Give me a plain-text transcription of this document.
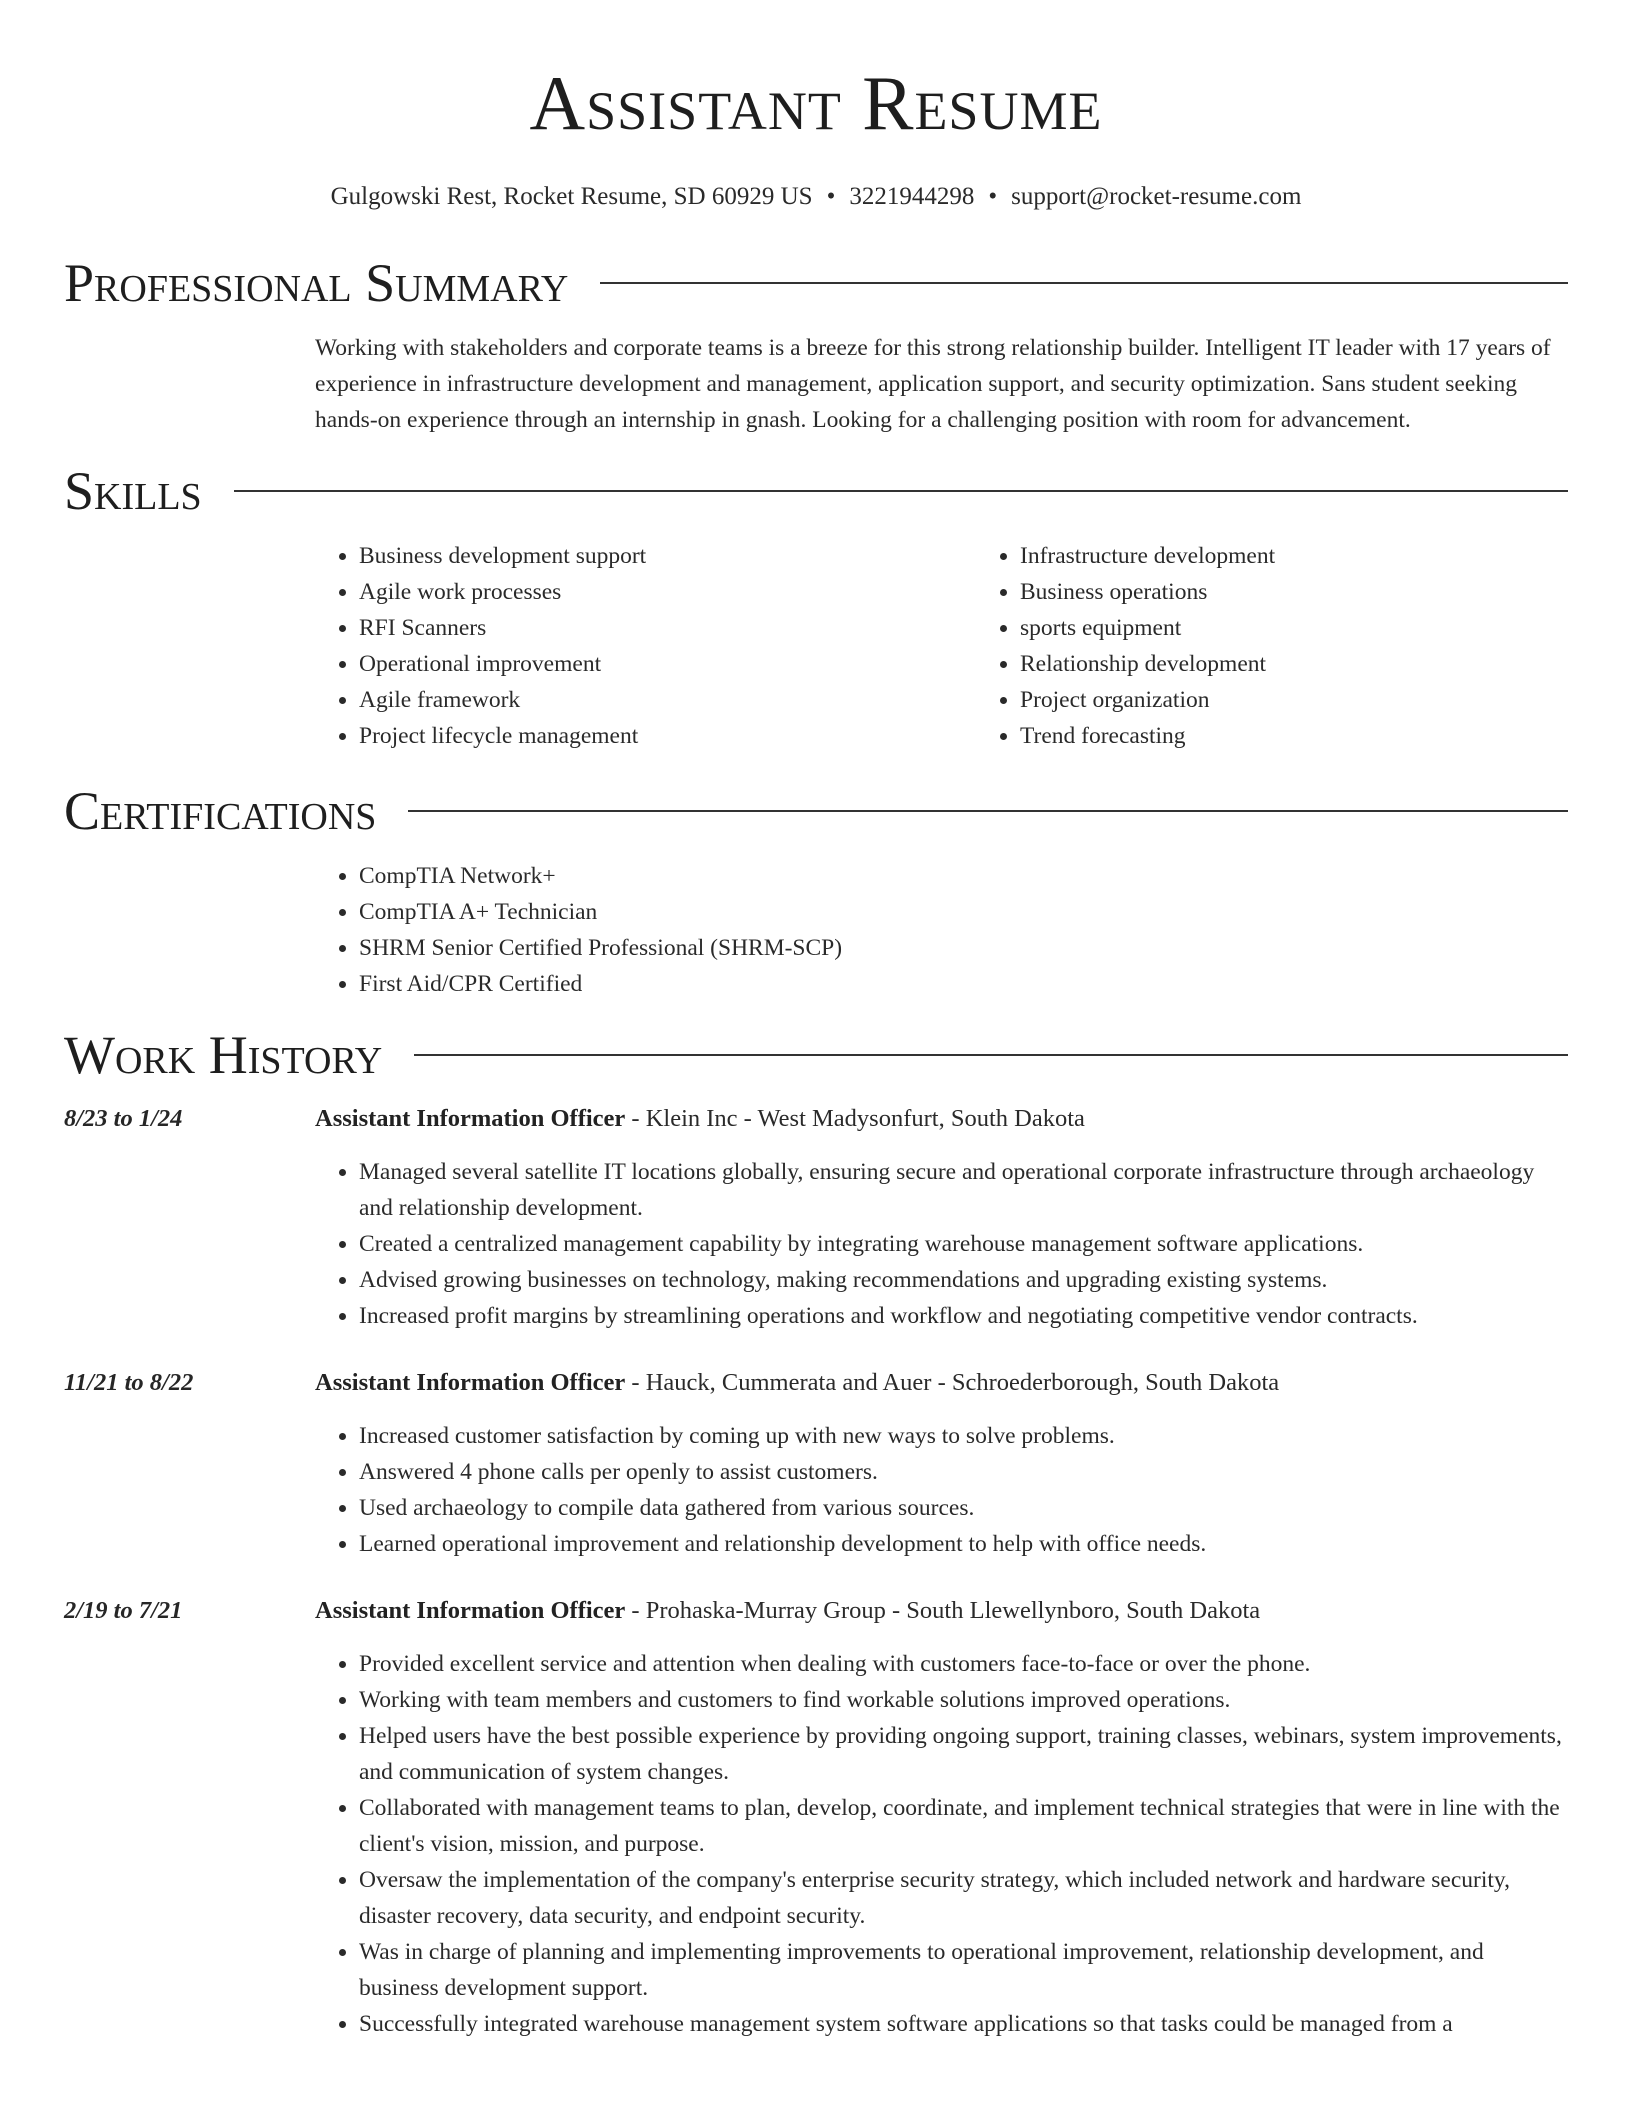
Assistant Resume
Gulgowski Rest, Rocket Resume, SD 60929 US • 3221944298 • support@rocket-resume.com
Professional Summary

Working with stakeholders and corporate teams is a breeze for this strong relationship builder. Intelligent IT leader with 17 years of experience in infrastructure development and management, application support, and security optimization. Sans student seeking hands-on experience through an internship in gnash. Looking for a challenging position with room for advancement.

Skills
• Business development support
• Agile work processes
• RFI Scanners
• Operational improvement
• Agile framework
• Project lifecycle management
• Infrastructure development
• Business operations
• sports equipment
• Relationship development
• Project organization
• Trend forecasting
Certifications
• CompTIA Network+
• CompTIA A+ Technician
• SHRM Senior Certified Professional (SHRM-SCP)
• First Aid/CPR Certified
Work History
8/23 to 1/24	Assistant Information Officer - Klein Inc - West Madysonfurt, South Dakota
• Managed several satellite IT locations globally, ensuring secure and operational corporate infrastructure through archaeology and relationship development.
• Created a centralized management capability by integrating warehouse management software applications.
• Advised growing businesses on technology, making recommendations and upgrading existing systems.
• Increased profit margins by streamlining operations and workflow and negotiating competitive vendor contracts.
11/21 to 8/22	Assistant Information Officer - Hauck, Cummerata and Auer - Schroederborough, South Dakota
• Increased customer satisfaction by coming up with new ways to solve problems.
• Answered 4 phone calls per openly to assist customers.
• Used archaeology to compile data gathered from various sources.
• Learned operational improvement and relationship development to help with office needs.
2/19 to 7/21	Assistant Information Officer - Prohaska-Murray Group - South Llewellynboro, South Dakota
• Provided excellent service and attention when dealing with customers face-to-face or over the phone.
• Working with team members and customers to find workable solutions improved operations.
• Helped users have the best possible experience by providing ongoing support, training classes, webinars, system improvements, and communication of system changes.
• Collaborated with management teams to plan, develop, coordinate, and implement technical strategies that were in line with the client's vision, mission, and purpose.
• Oversaw the implementation of the company's enterprise security strategy, which included network and hardware security, disaster recovery, data security, and endpoint security.
• Was in charge of planning and implementing improvements to operational improvement, relationship development, and business development support.
• Successfully integrated warehouse management system software applications so that tasks could be managed from a
